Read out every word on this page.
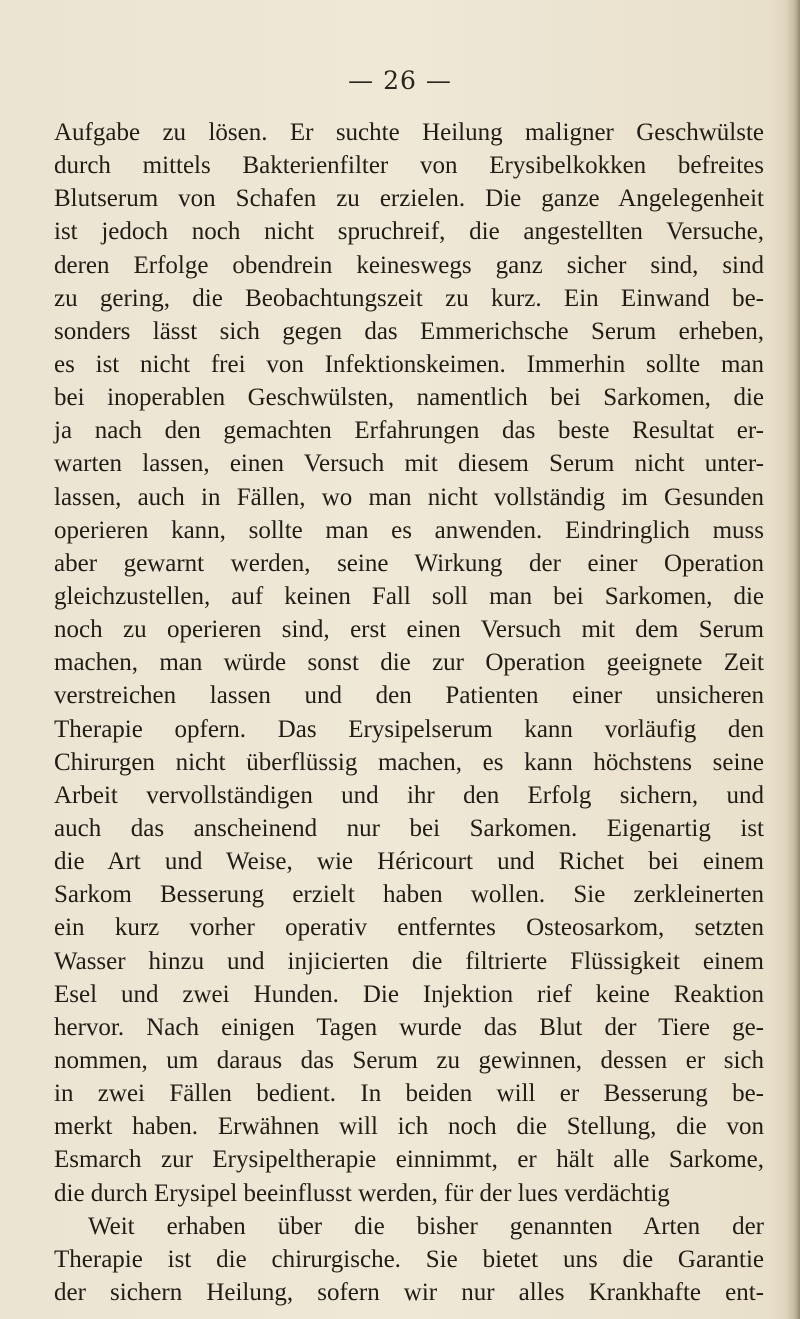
— 26 —
Aufgabe zu lösen. Er suchte Heilung maligner Geschwülste
durch mittels Bakterienfilter von Erysibelkokken befreites
Blutserum von Schafen zu erzielen. Die ganze Angelegenheit
ist jedoch noch nicht spruchreif, die angestellten Versuche,
deren Erfolge obendrein keineswegs ganz sicher sind, sind
zu gering, die Beobachtungszeit zu kurz. Ein Einwand be-
sonders lässt sich gegen das Emmerichsche Serum erheben,
es ist nicht frei von Infektionskeimen. Immerhin sollte man
bei inoperablen Geschwülsten, namentlich bei Sarkomen, die
ja nach den gemachten Erfahrungen das beste Resultat er-
warten lassen, einen Versuch mit diesem Serum nicht unter-
lassen, auch in Fällen, wo man nicht vollständig im Gesunden
operieren kann, sollte man es anwenden. Eindringlich muss
aber gewarnt werden, seine Wirkung der einer Operation
gleichzustellen, auf keinen Fall soll man bei Sarkomen, die
noch zu operieren sind, erst einen Versuch mit dem Serum
machen, man würde sonst die zur Operation geeignete Zeit
verstreichen lassen und den Patienten einer unsicheren
Therapie opfern. Das Erysipelserum kann vorläufig den
Chirurgen nicht überflüssig machen, es kann höchstens seine
Arbeit vervollständigen und ihr den Erfolg sichern, und
auch das anscheinend nur bei Sarkomen. Eigenartig ist
die Art und Weise, wie Héricourt und Richet bei einem
Sarkom Besserung erzielt haben wollen. Sie zerkleinerten
ein kurz vorher operativ entferntes Osteosarkom, setzten
Wasser hinzu und injicierten die filtrierte Flüssigkeit einem
Esel und zwei Hunden. Die Injektion rief keine Reaktion
hervor. Nach einigen Tagen wurde das Blut der Tiere ge-
nommen, um daraus das Serum zu gewinnen, dessen er sich
in zwei Fällen bedient. In beiden will er Besserung be-
merkt haben. Erwähnen will ich noch die Stellung, die von
Esmarch zur Erysipeltherapie einnimmt, er hält alle Sarkome,
die durch Erysipel beeinflusst werden, für der lues verdächtig
Weit erhaben über die bisher genannten Arten der
Therapie ist die chirurgische. Sie bietet uns die Garantie
der sichern Heilung, sofern wir nur alles Krankhafte ent-
